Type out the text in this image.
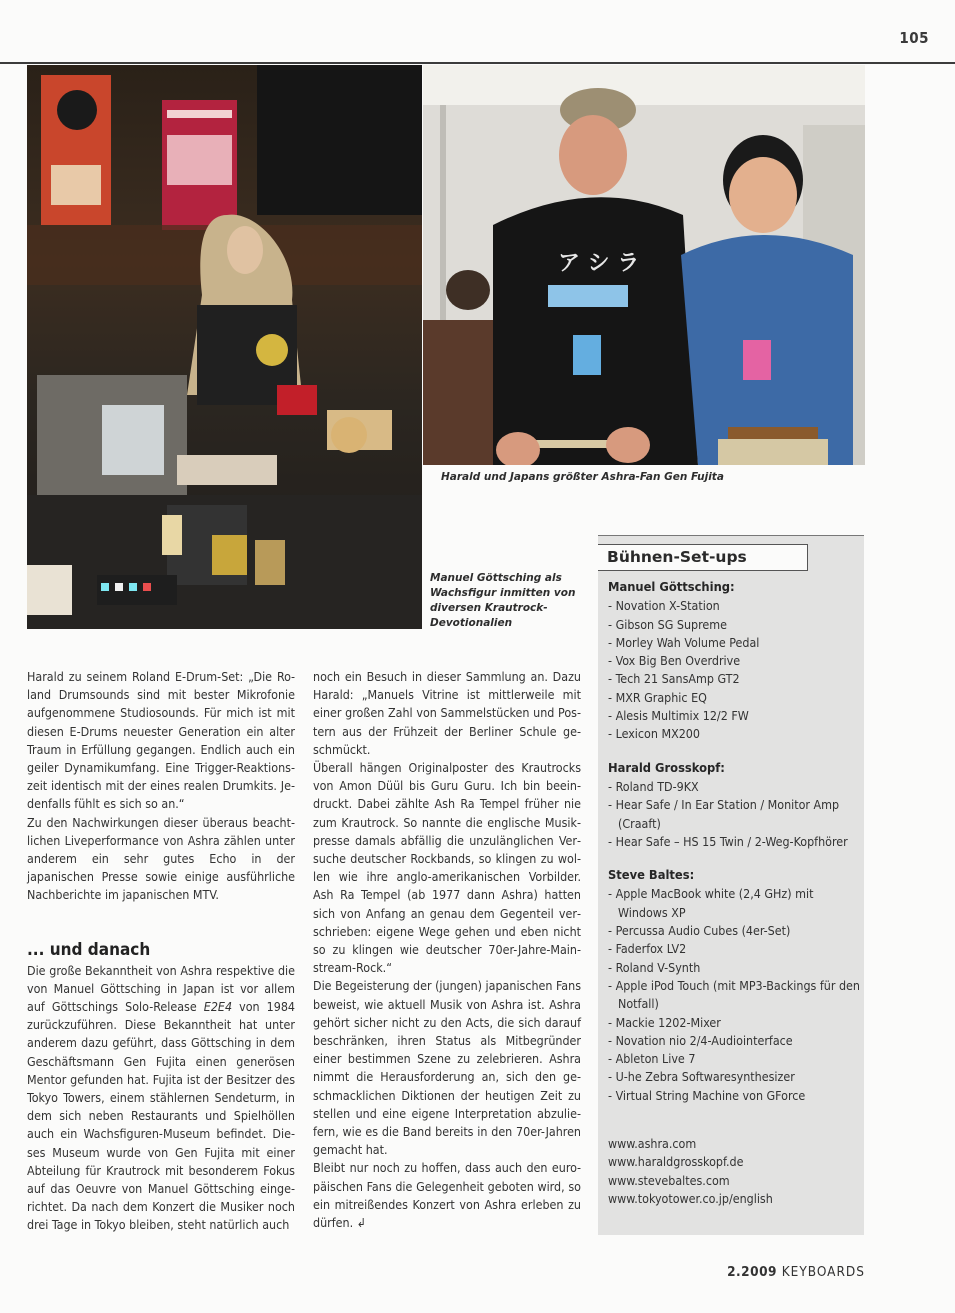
105
ア シ ラ
Harald und Japans größter Ashra-Fan Gen Fujita
Manuel Göttsching als Wachsfigur inmitten von diversen Krautrock-Devotionalien

Harald zu seinem Roland E-Drum-Set: „Die Roland Drumsounds sind mit bester Mikrofonie aufgenommene Studiosounds. Für mich ist mit diesen E-Drums neuester Generation ein alter Traum in Erfüllung gegangen. Endlich auch ein geiler Dynamikumfang. Eine Trigger-Reaktionszeit identisch mit der eines realen Drumkits. Jedenfalls fühlt es sich so an.“

Zu den Nachwirkungen dieser überaus beachtlichen Liveperformance von Ashra zählen unter anderem ein sehr gutes Echo in der japanischen Presse sowie einige ausführliche Nachberichte im japanischen MTV.

... und danach

Die große Bekanntheit von Ashra respektive die von Manuel Göttsching in Japan ist vor allem auf Göttschings Solo-Release E2E4 von 1984 zurückzuführen. Diese Bekanntheit hat unter anderem dazu geführt, dass Göttsching in dem Geschäftsmann Gen Fujita einen generösen Mentor gefunden hat. Fujita ist der Besitzer des Tokyo Towers, einem stählernen Sendeturm, in dem sich neben Restaurants und Spielhöllen auch ein Wachsfiguren-Museum befindet. Dieses Museum wurde von Gen Fujita mit einer Abteilung für Krautrock mit besonderem Fokus auf das Oeuvre von Manuel Göttsching eingerichtet. Da nach dem Konzert die Musiker noch drei Tage in Tokyo bleiben, steht natürlich auch

noch ein Besuch in dieser Sammlung an. Dazu Harald: „Manuels Vitrine ist mittlerweile mit einer großen Zahl von Sammelstücken und Postern aus der Frühzeit der Berliner Schule geschmückt.

Überall hängen Originalposter des Krautrocks von Amon Düül bis Guru Guru. Ich bin beeindruckt. Dabei zählte Ash Ra Tempel früher nie zum Krautrock. So nannte die englische Musikpresse damals abfällig die unzulänglichen Versuche deutscher Rockbands, so klingen zu wollen wie ihre anglo-amerikanischen Vorbilder. Ash Ra Tempel (ab 1977 dann Ashra) hatten sich von Anfang an genau dem Gegenteil verschrieben: eigene Wege gehen und eben nicht so zu klingen wie deutscher 70er-Jahre-Mainstream-Rock.“

Die Begeisterung der (jungen) japanischen Fans beweist, wie aktuell Musik von Ashra ist. Ashra gehört sicher nicht zu den Acts, die sich darauf beschränken, ihren Status als Mitbegründer einer bestimmen Szene zu zelebrieren. Ashra nimmt die Herausforderung an, sich den geschmacklichen Diktionen der heutigen Zeit zu stellen und eine eigene Interpretation abzuliefern, wie es die Band bereits in den 70er-Jahren gemacht hat.

Bleibt nur noch zu hoffen, dass auch den europäischen Fans die Gelegenheit geboten wird, so ein mitreißendes Konzert von Ashra erleben zu dürfen. ↲

Bühnen-Set-ups
Manuel Göttsching:
- Novation X-Station
- Gibson SG Supreme
- Morley Wah Volume Pedal
- Vox Big Ben Overdrive
- Tech 21 SansAmp GT2
- MXR Graphic EQ
- Alesis Multimix 12/2 FW
- Lexicon MX200
Harald Grosskopf:
- Roland TD-9KX
- Hear Safe / In Ear Station / Monitor Amp (Craaft)
- Hear Safe – HS 15 Twin / 2-Weg-Kopfhörer
Steve Baltes:
- Apple MacBook white (2,4 GHz) mit Windows XP
- Percussa Audio Cubes (4er-Set)
- Faderfox LV2
- Roland V-Synth
- Apple iPod Touch (mit MP3-Backings für den Notfall)
- Mackie 1202-Mixer
- Novation nio 2/4-Audiointerface
- Ableton Live 7
- U-he Zebra Softwaresynthesizer
- Virtual String Machine von GForce
www.ashra.com
www.haraldgrosskopf.de
www.stevebaltes.com
www.tokyotower.co.jp/english
2.2009 KEYBOARDS
